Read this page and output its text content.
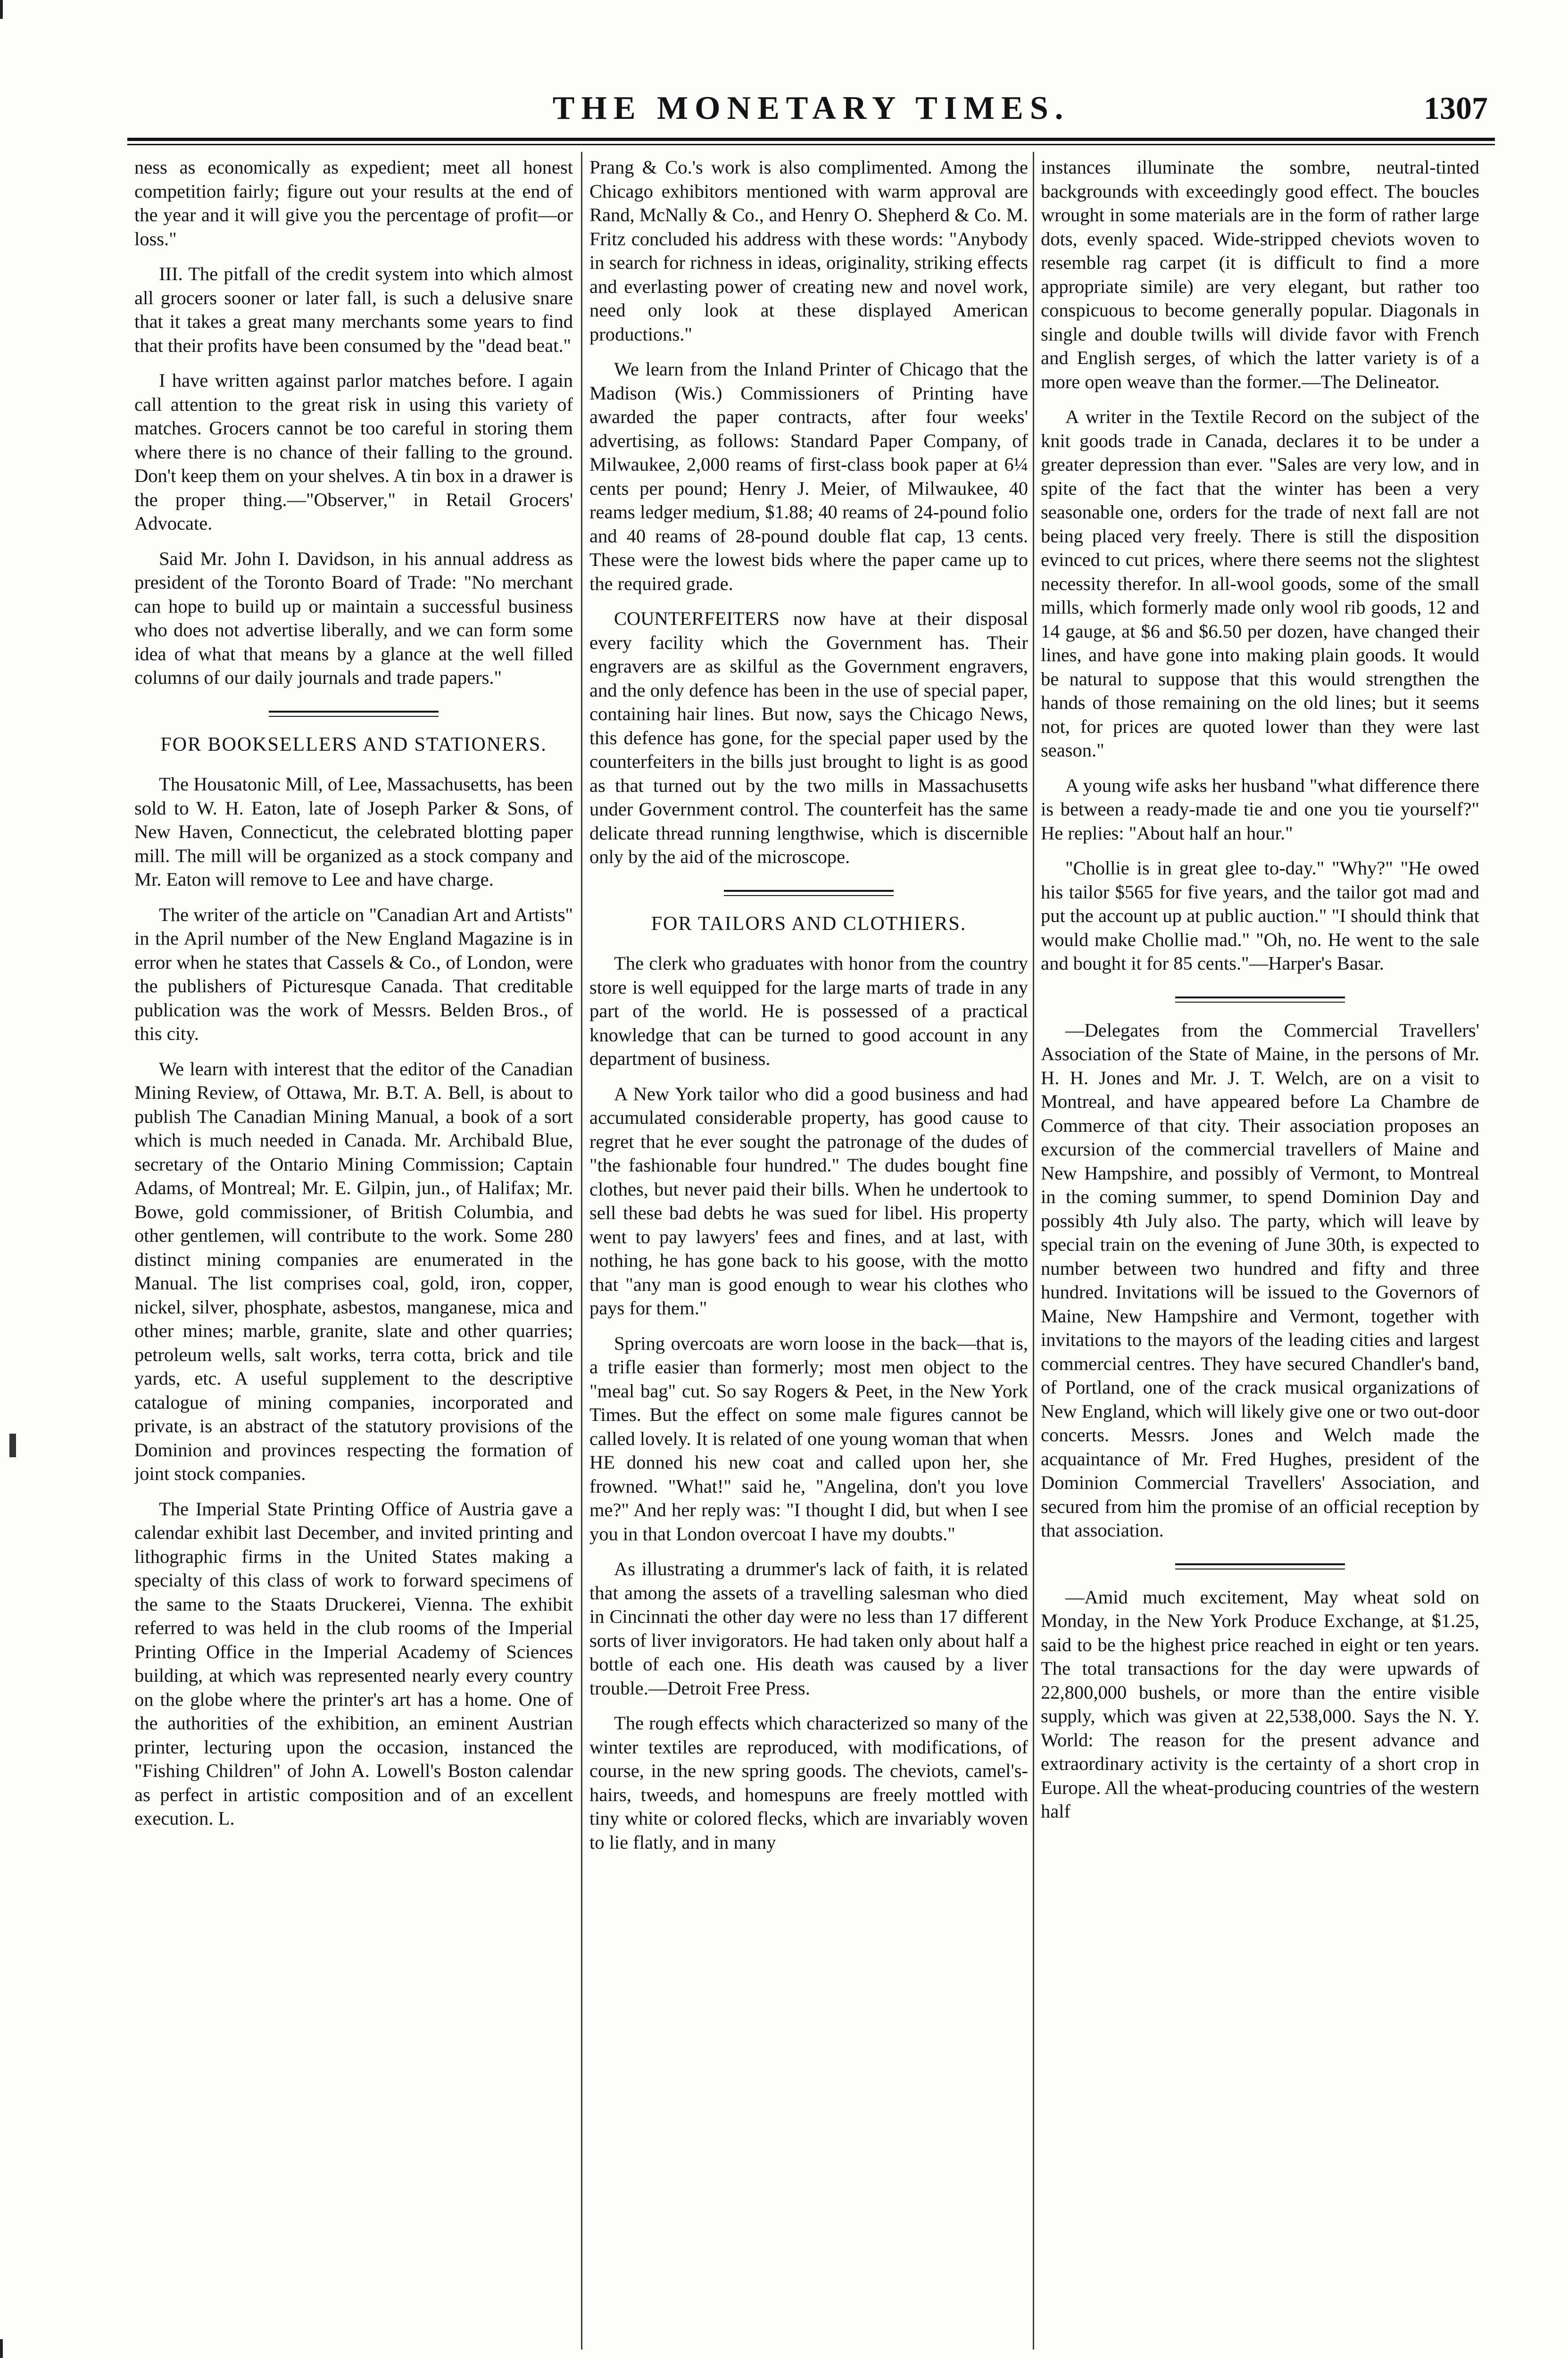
THE MONETARY TIMES.	1307

ness as economically as expedient; meet all honest competition fairly; figure out your results at the end of the year and it will give you the percentage of profit—or loss."

III. The pitfall of the credit system into which almost all grocers sooner or later fall, is such a delusive snare that it takes a great many merchants some years to find that their profits have been consumed by the "dead beat."

I have written against parlor matches before. I again call attention to the great risk in using this variety of matches. Grocers cannot be too careful in storing them where there is no chance of their falling to the ground. Don't keep them on your shelves. A tin box in a drawer is the proper thing.—"Observer," in Retail Grocers' Advocate.

Said Mr. John I. Davidson, in his annual address as president of the Toronto Board of Trade: "No merchant can hope to build up or maintain a successful business who does not advertise liberally, and we can form some idea of what that means by a glance at the well filled columns of our daily journals and trade papers."

FOR BOOKSELLERS AND STATIONERS.

The Housatonic Mill, of Lee, Massachusetts, has been sold to W. H. Eaton, late of Joseph Parker & Sons, of New Haven, Connecticut, the celebrated blotting paper mill. The mill will be organized as a stock company and Mr. Eaton will remove to Lee and have charge.

The writer of the article on "Canadian Art and Artists" in the April number of the New England Magazine is in error when he states that Cassels & Co., of London, were the publishers of Picturesque Canada. That creditable publication was the work of Messrs. Belden Bros., of this city.

We learn with interest that the editor of the Canadian Mining Review, of Ottawa, Mr. B.T. A. Bell, is about to publish The Canadian Mining Manual, a book of a sort which is much needed in Canada. Mr. Archibald Blue, secretary of the Ontario Mining Commission; Captain Adams, of Montreal; Mr. E. Gilpin, jun., of Halifax; Mr. Bowe, gold commissioner, of British Columbia, and other gentlemen, will contribute to the work. Some 280 distinct mining companies are enumerated in the Manual. The list comprises coal, gold, iron, copper, nickel, silver, phosphate, asbestos, manganese, mica and other mines; marble, granite, slate and other quarries; petroleum wells, salt works, terra cotta, brick and tile yards, etc. A useful supplement to the descriptive catalogue of mining companies, incorporated and private, is an abstract of the statutory provisions of the Dominion and provinces respecting the formation of joint stock companies.

The Imperial State Printing Office of Austria gave a calendar exhibit last December, and invited printing and lithographic firms in the United States making a specialty of this class of work to forward specimens of the same to the Staats Druckerei, Vienna. The exhibit referred to was held in the club rooms of the Imperial Printing Office in the Imperial Academy of Sciences building, at which was represented nearly every country on the globe where the printer's art has a home. One of the authorities of the exhibition, an eminent Austrian printer, lecturing upon the occasion, instanced the "Fishing Children" of John A. Lowell's Boston calendar as perfect in artistic composition and of an excellent execution. L.

Prang & Co.'s work is also complimented. Among the Chicago exhibitors mentioned with warm approval are Rand, McNally & Co., and Henry O. Shepherd & Co. M. Fritz concluded his address with these words: "Anybody in search for richness in ideas, originality, striking effects and everlasting power of creating new and novel work, need only look at these displayed American productions."

We learn from the Inland Printer of Chicago that the Madison (Wis.) Commissioners of Printing have awarded the paper contracts, after four weeks' advertising, as follows: Standard Paper Company, of Milwaukee, 2,000 reams of first-class book paper at 6¼ cents per pound; Henry J. Meier, of Milwaukee, 40 reams ledger medium, $1.88; 40 reams of 24-pound folio and 40 reams of 28-pound double flat cap, 13 cents. These were the lowest bids where the paper came up to the required grade.

COUNTERFEITERS now have at their disposal every facility which the Government has. Their engravers are as skilful as the Government engravers, and the only defence has been in the use of special paper, containing hair lines. But now, says the Chicago News, this defence has gone, for the special paper used by the counterfeiters in the bills just brought to light is as good as that turned out by the two mills in Massachusetts under Government control. The counterfeit has the same delicate thread running lengthwise, which is discernible only by the aid of the microscope.

FOR TAILORS AND CLOTHIERS.

The clerk who graduates with honor from the country store is well equipped for the large marts of trade in any part of the world. He is possessed of a practical knowledge that can be turned to good account in any department of business.

A New York tailor who did a good business and had accumulated considerable property, has good cause to regret that he ever sought the patronage of the dudes of "the fashionable four hundred." The dudes bought fine clothes, but never paid their bills. When he undertook to sell these bad debts he was sued for libel. His property went to pay lawyers' fees and fines, and at last, with nothing, he has gone back to his goose, with the motto that "any man is good enough to wear his clothes who pays for them."

Spring overcoats are worn loose in the back—that is, a trifle easier than formerly; most men object to the "meal bag" cut. So say Rogers & Peet, in the New York Times. But the effect on some male figures cannot be called lovely. It is related of one young woman that when HE donned his new coat and called upon her, she frowned. "What!" said he, "Angelina, don't you love me?" And her reply was: "I thought I did, but when I see you in that London overcoat I have my doubts."

As illustrating a drummer's lack of faith, it is related that among the assets of a travelling salesman who died in Cincinnati the other day were no less than 17 different sorts of liver invigorators. He had taken only about half a bottle of each one. His death was caused by a liver trouble.—Detroit Free Press.

The rough effects which characterized so many of the winter textiles are reproduced, with modifications, of course, in the new spring goods. The cheviots, camel's-hairs, tweeds, and homespuns are freely mottled with tiny white or colored flecks, which are invariably woven to lie flatly, and in many

instances illuminate the sombre, neutral-tinted backgrounds with exceedingly good effect. The boucles wrought in some materials are in the form of rather large dots, evenly spaced. Wide-stripped cheviots woven to resemble rag carpet (it is difficult to find a more appropriate simile) are very elegant, but rather too conspicuous to become generally popular. Diagonals in single and double twills will divide favor with French and English serges, of which the latter variety is of a more open weave than the former.—The Delineator.

A writer in the Textile Record on the subject of the knit goods trade in Canada, declares it to be under a greater depression than ever. "Sales are very low, and in spite of the fact that the winter has been a very seasonable one, orders for the trade of next fall are not being placed very freely. There is still the disposition evinced to cut prices, where there seems not the slightest necessity therefor. In all-wool goods, some of the small mills, which formerly made only wool rib goods, 12 and 14 gauge, at $6 and $6.50 per dozen, have changed their lines, and have gone into making plain goods. It would be natural to suppose that this would strengthen the hands of those remaining on the old lines; but it seems not, for prices are quoted lower than they were last season."

A young wife asks her husband "what difference there is between a ready-made tie and one you tie yourself?" He replies: "About half an hour."

"Chollie is in great glee to-day." "Why?" "He owed his tailor $565 for five years, and the tailor got mad and put the account up at public auction." "I should think that would make Chollie mad." "Oh, no. He went to the sale and bought it for 85 cents."—Harper's Basar.

—Delegates from the Commercial Travellers' Association of the State of Maine, in the persons of Mr. H. H. Jones and Mr. J. T. Welch, are on a visit to Montreal, and have appeared before La Chambre de Commerce of that city. Their association proposes an excursion of the commercial travellers of Maine and New Hampshire, and possibly of Vermont, to Montreal in the coming summer, to spend Dominion Day and possibly 4th July also. The party, which will leave by special train on the evening of June 30th, is expected to number between two hundred and fifty and three hundred. Invitations will be issued to the Governors of Maine, New Hampshire and Vermont, together with invitations to the mayors of the leading cities and largest commercial centres. They have secured Chandler's band, of Portland, one of the crack musical organizations of New England, which will likely give one or two out-door concerts. Messrs. Jones and Welch made the acquaintance of Mr. Fred Hughes, president of the Dominion Commercial Travellers' Association, and secured from him the promise of an official reception by that association.

—Amid much excitement, May wheat sold on Monday, in the New York Produce Exchange, at $1.25, said to be the highest price reached in eight or ten years. The total transactions for the day were upwards of 22,800,000 bushels, or more than the entire visible supply, which was given at 22,538,000. Says the N. Y. World: The reason for the present advance and extraordinary activity is the certainty of a short crop in Europe. All the wheat-producing countries of the western half
